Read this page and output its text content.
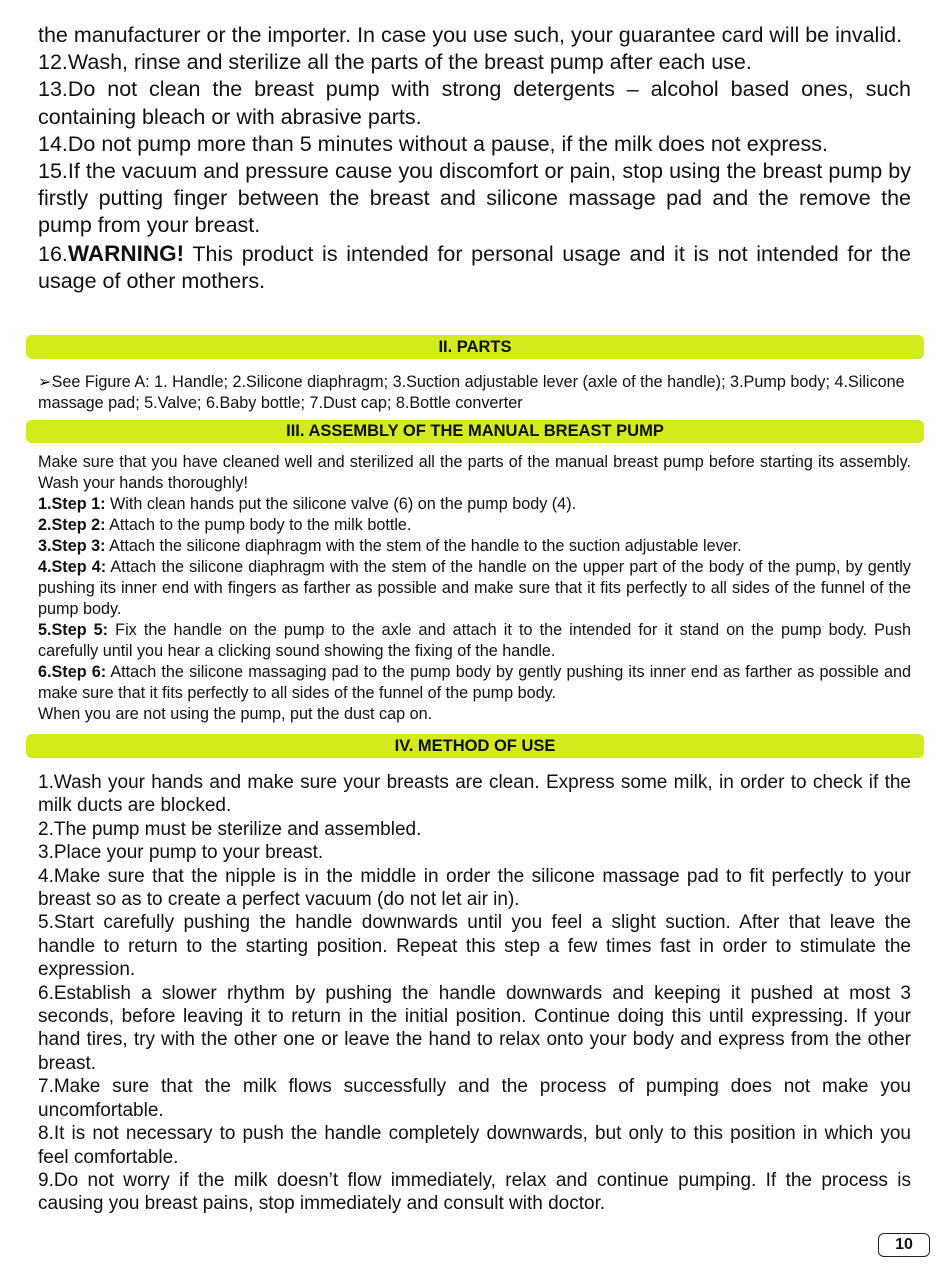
the manufacturer or the importer. In case you use such, your guarantee card will be invalid.

12.Wash, rinse and sterilize all the parts of the breast pump after each use.

13.Do not clean the breast pump with strong detergents – alcohol based ones, such containing bleach or with abrasive parts.

14.Do not pump more than 5 minutes without a pause, if the milk does not express.

15.If the vacuum and pressure cause you discomfort or pain, stop using the breast pump by firstly putting finger between the breast and silicone massage pad and the remove the pump from your breast.

16.WARNING! This product is intended for personal usage and it is not intended for the usage of other mothers.

II. PARTS
➢See Figure A: 1. Handle; 2.Silicone diaphragm; 3.Suction adjustable lever (axle of the handle); 3.Pump body; 4.Silicone massage pad; 5.Valve; 6.Baby bottle; 7.Dust cap; 8.Bottle converter
III. ASSEMBLY OF THE MANUAL BREAST PUMP

Make sure that you have cleaned well and sterilized all the parts of the manual breast pump before starting its assembly. Wash your hands thoroughly!

1.Step 1: With clean hands put the silicone valve (6) on the pump body (4).

2.Step 2: Attach to the pump body to the milk bottle.

3.Step 3: Attach the silicone diaphragm with the stem of the handle to the suction adjustable lever.

4.Step 4: Attach the silicone diaphragm with the stem of the handle on the upper part of the body of the pump, by gently pushing its inner end with fingers as farther as possible and make sure that it fits perfectly to all sides of the funnel of the pump body.

5.Step 5: Fix the handle on the pump to the axle and attach it to the intended for it stand on the pump body. Push carefully until you hear a clicking sound showing the fixing of the handle.

6.Step 6: Attach the silicone massaging pad to the pump body by gently pushing its inner end as farther as possible and make sure that it fits perfectly to all sides of the funnel of the pump body.

When you are not using the pump, put the dust cap on.

IV. METHOD OF USE

1.Wash your hands and make sure your breasts are clean. Express some milk, in order to check if the milk ducts are blocked.

2.The pump must be sterilize and assembled.

3.Place your pump to your breast.

4.Make sure that the nipple is in the middle in order the silicone massage pad to fit perfectly to your breast so as to create a perfect vacuum (do not let air in).

5.Start carefully pushing the handle downwards until you feel a slight suction. After that leave the handle to return to the starting position. Repeat this step a few times fast in order to stimulate the expression.

6.Establish a slower rhythm by pushing the handle downwards and keeping it pushed at most 3 seconds, before leaving it to return in the initial position. Continue doing this until expressing. If your hand tires, try with the other one or leave the hand to relax onto your body and express from the other breast.

7.Make sure that the milk flows successfully and the process of pumping does not make you uncomfortable.

8.It is not necessary to push the handle completely downwards, but only to this position in which you feel comfortable.

9.Do not worry if the milk doesn’t flow immediately, relax and continue pumping. If the process is causing you breast pains, stop immediately and consult with doctor.

10
